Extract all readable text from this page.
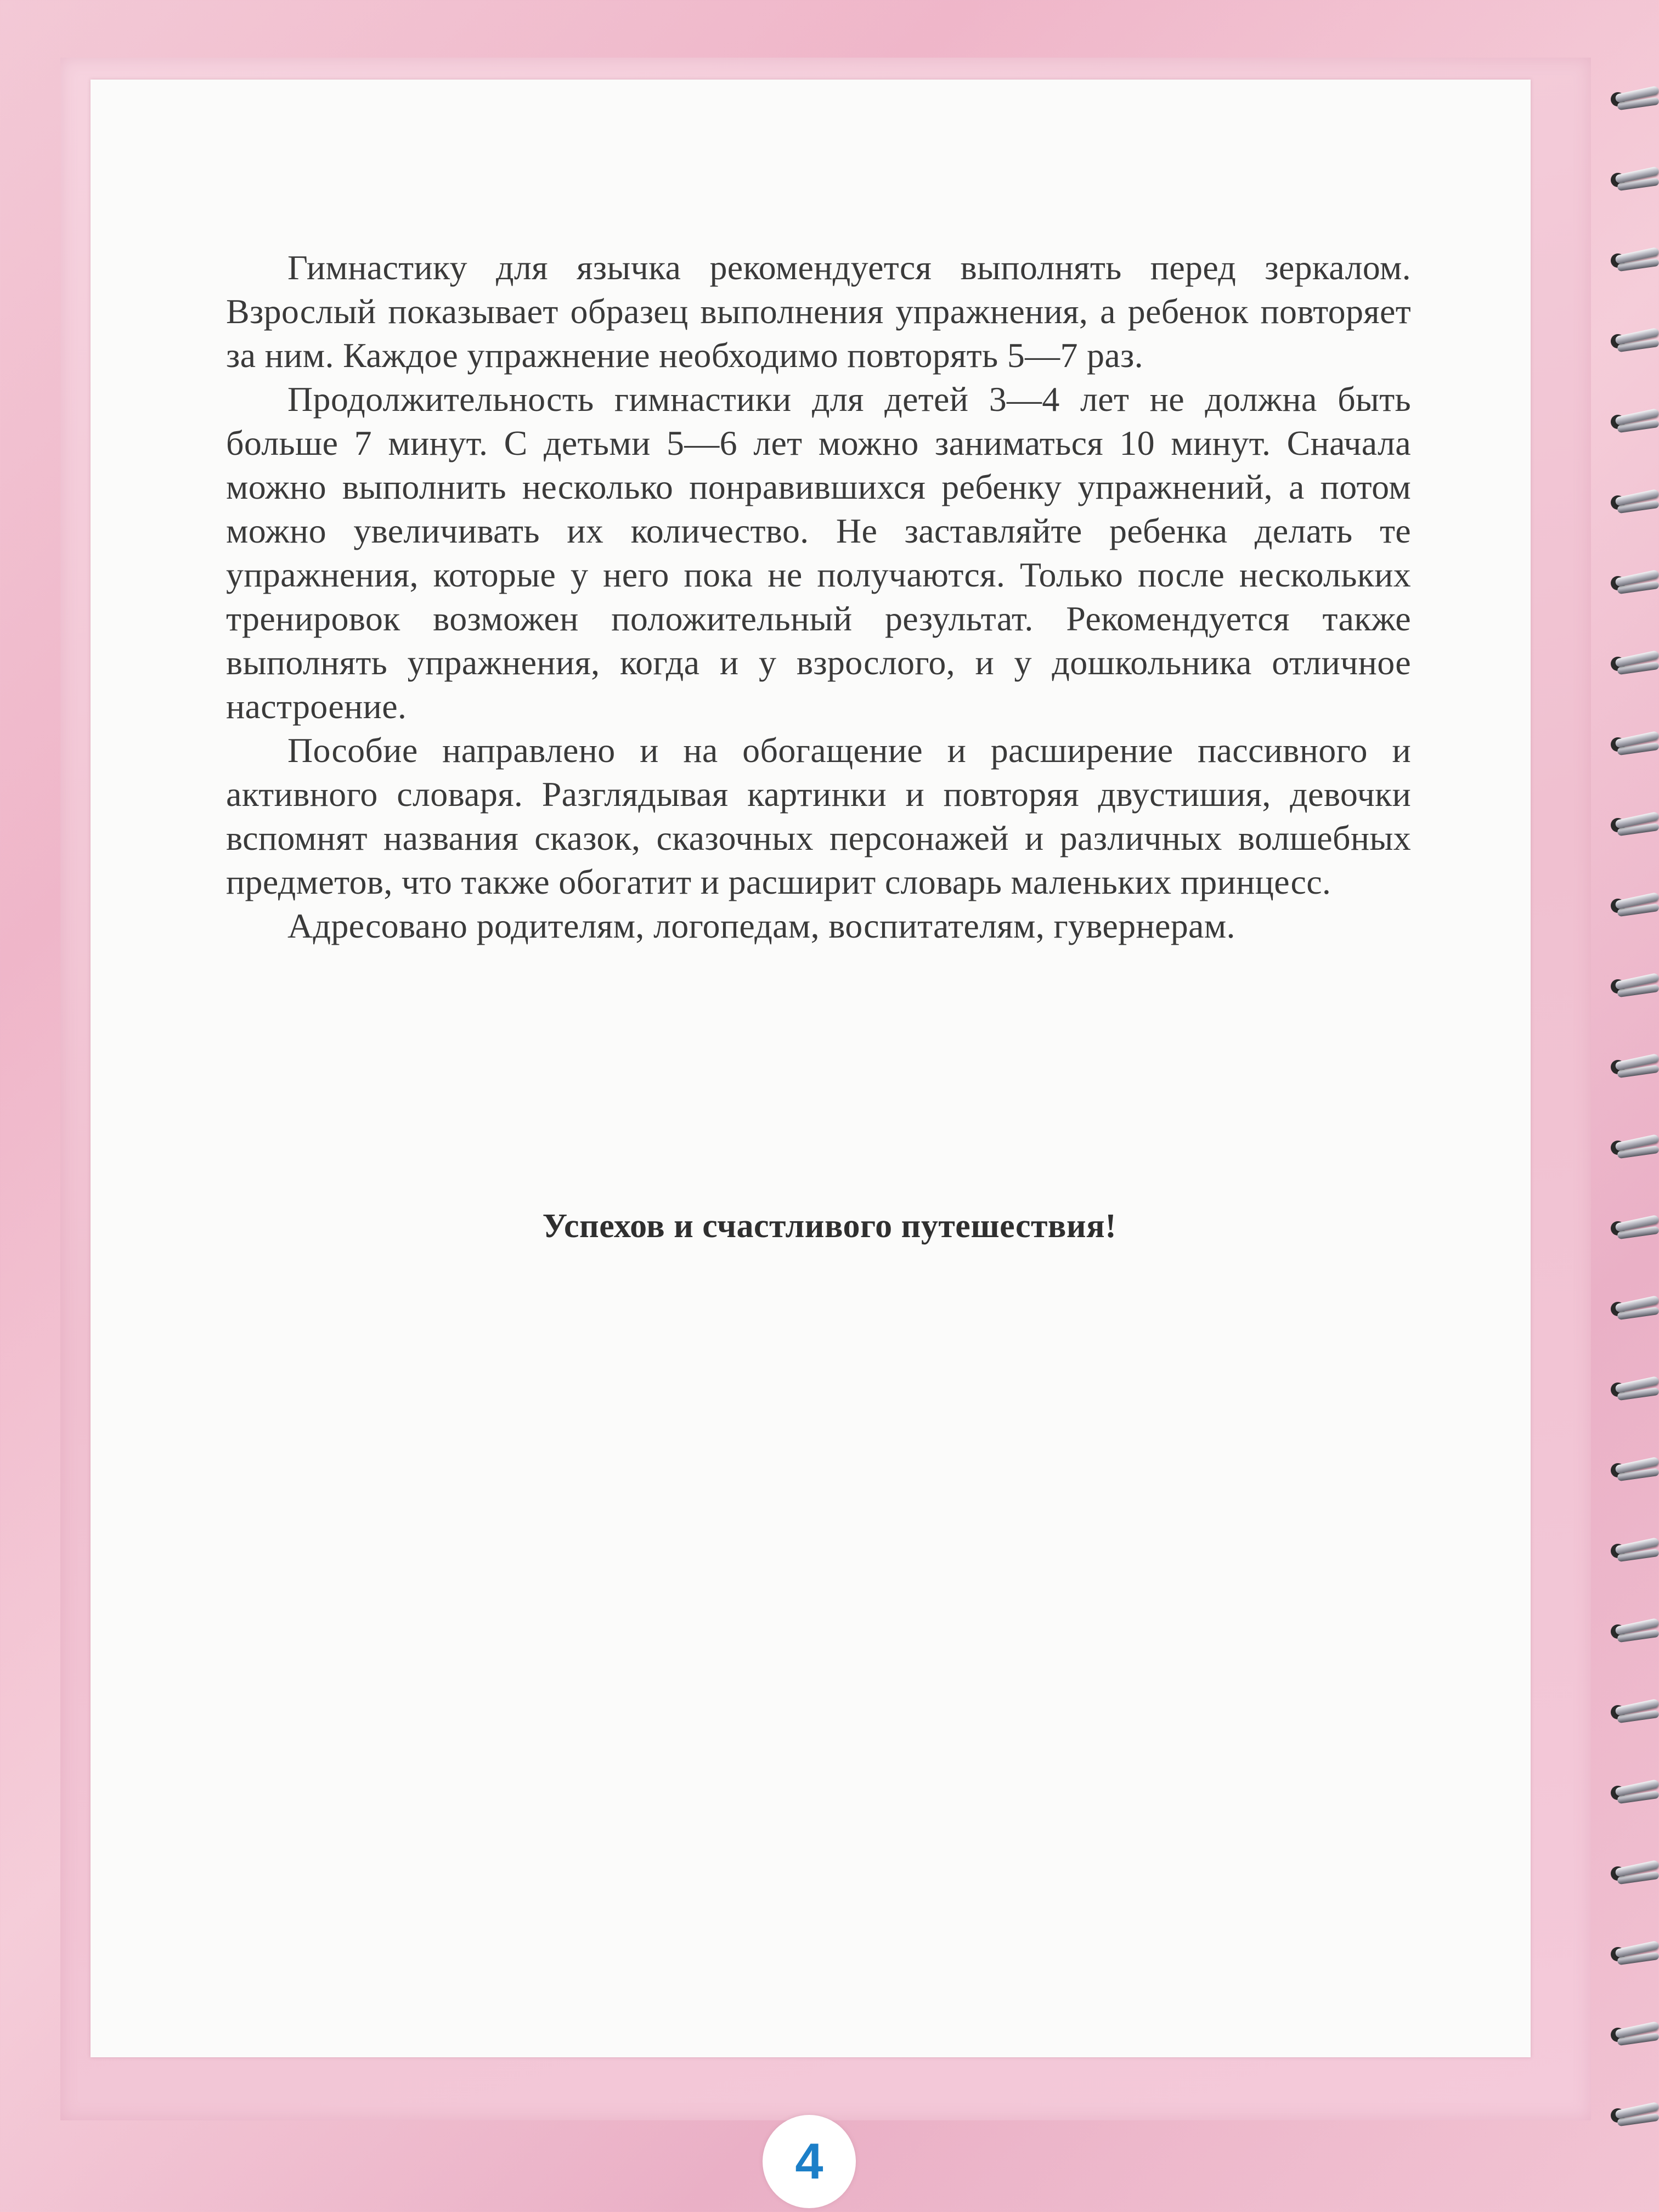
Гимнастику для язычка рекомендуется выполнять перед зеркалом. Взрослый показывает образец выполнения упражнения, а ребенок повторяет за ним. Каждое упражнение необходимо повторять 5—7 раз.

Продолжительность гимнастики для детей 3—4 лет не должна быть больше 7 минут. С детьми 5—6 лет можно заниматься 10 минут. Сначала можно выполнить несколько понравившихся ребенку упражнений, а потом можно увеличивать их количество. Не заставляйте ребенка делать те упражнения, которые у него пока не получаются. Только после нескольких тренировок возможен положительный результат. Рекомендуется также выполнять упражнения, когда и у взрослого, и у дошкольника отличное настроение.

Пособие направлено и на обогащение и расширение пассивного и активного словаря. Разглядывая картинки и повторяя двустишия, девочки вспомнят названия сказок, сказочных персонажей и различных волшебных предметов, что также обогатит и расширит словарь маленьких принцесс.

Адресовано родителям, логопедам, воспитателям, гувернерам.

Успехов и счастливого путешествия!
4
